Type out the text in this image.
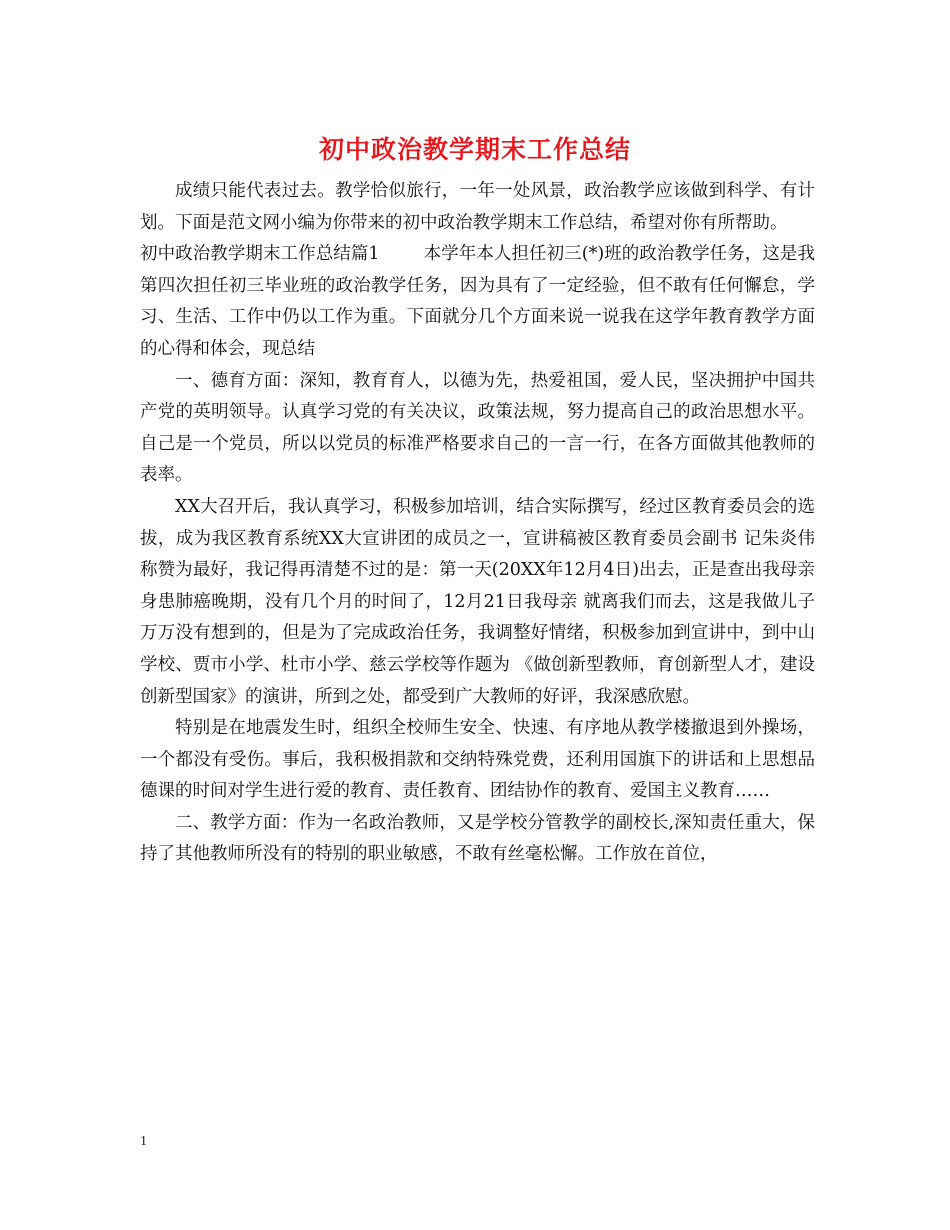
初中政治教学期末工作总结

成绩只能代表过去。教学恰似旅行，一年一处风景，政治教学应该做到科学、有计划。下面是范文网小编为你带来的初中政治教学期末工作总结，希望对你有所帮助。

初中政治教学期末工作总结篇1	本学年本人担任初三(*)班的政治教学任务，这是我第四次担任初三毕业班的政治教学任务，因为具有了一定经验，但不敢有任何懈怠，学习、生活、工作中仍以工作为重。下面就分几个方面来说一说我在这学年教育教学方面的心得和体会，现总结

一、德育方面：深知，教育育人，以德为先，热爱祖国，爱人民，坚决拥护中国共产党的英明领导。认真学习党的有关决议，政策法规，努力提高自己的政治思想水平。自己是一个党员，所以以党员的标准严格要求自己的一言一行，在各方面做其他教师的表率。

XX大召开后，我认真学习，积极参加培训，结合实际撰写，经过区教育委员会的选拔，成为我区教育系统XX大宣讲团的成员之一，宣讲稿被区教育委员会副书 记朱炎伟称赞为最好，我记得再清楚不过的是：第一天(20XX年12月4日)出去，正是查出我母亲身患肺癌晚期，没有几个月的时间了，12月21日我母亲 就离我们而去，这是我做儿子万万没有想到的，但是为了完成政治任务，我调整好情绪，积极参加到宣讲中，到中山学校、贾市小学、杜市小学、慈云学校等作题为 《做创新型教师，育创新型人才，建设创新型国家》的演讲，所到之处，都受到广大教师的好评，我深感欣慰。

特别是在地震发生时，组织全校师生安全、快速、有序地从教学楼撤退到外操场，一个都没有受伤。事后，我积极捐款和交纳特殊党费，还利用国旗下的讲话和上思想品德课的时间对学生进行爱的教育、责任教育、团结协作的教育、爱国主义教育……

二、教学方面：作为一名政治教师，又是学校分管教学的副校长,深知责任重大，保持了其他教师所没有的特别的职业敏感，不敢有丝毫松懈。工作放在首位，

1
